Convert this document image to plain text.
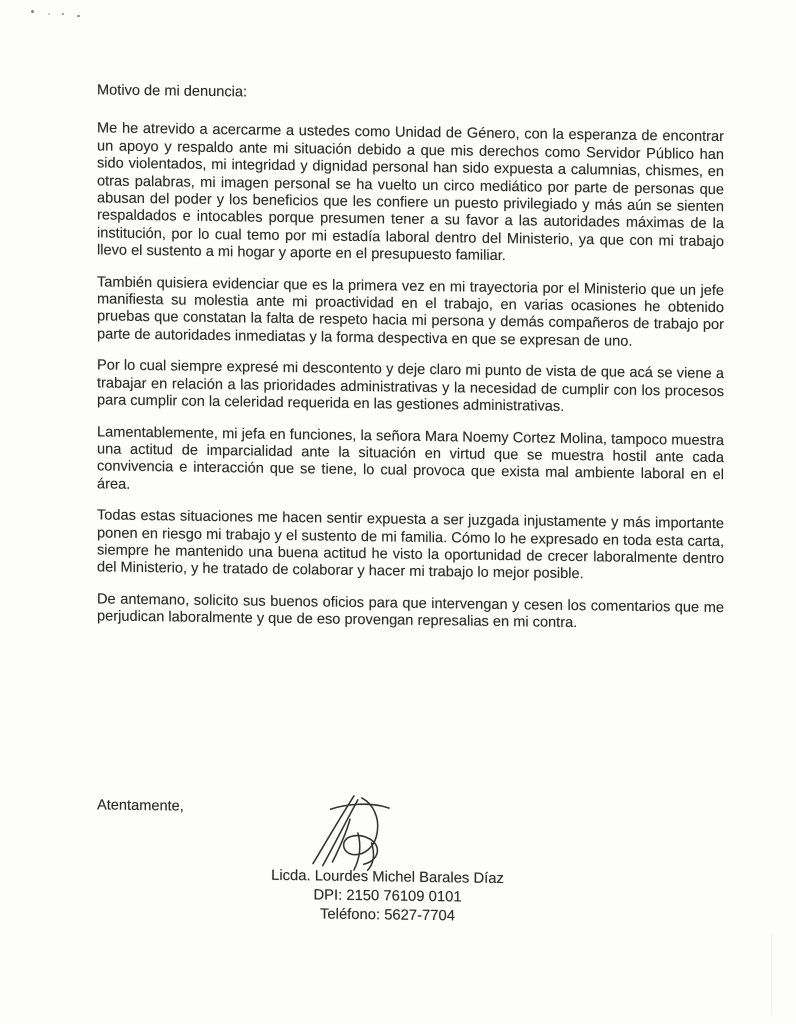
Motivo de mi denuncia:

Me he atrevido a acercarme a ustedes como Unidad de Género, con la esperanza de encontrar un apoyo y respaldo ante mi situación debido a que mis derechos como Servidor Público han sido violentados, mi integridad y dignidad personal han sido expuesta a calumnias, chismes, en otras palabras, mi imagen personal se ha vuelto un circo mediático por parte de personas que abusan del poder y los beneficios que les confiere un puesto privilegiado y más aún se sienten respaldados e intocables porque presumen tener a su favor a las autoridades máximas de la institución, por lo cual temo por mi estadía laboral dentro del Ministerio, ya que con mi trabajo llevo el sustento a mi hogar y aporte en el presupuesto familiar.

También quisiera evidenciar que es la primera vez en mi trayectoria por el Ministerio que un jefe manifiesta su molestia ante mi proactividad en el trabajo, en varias ocasiones he obtenido pruebas que constatan la falta de respeto hacia mi persona y demás compañeros de trabajo por parte de autoridades inmediatas y la forma despectiva en que se expresan de uno.

Por lo cual siempre expresé mi descontento y deje claro mi punto de vista de que acá se viene a trabajar en relación a las prioridades administrativas y la necesidad de cumplir con los procesos para cumplir con la celeridad requerida en las gestiones administrativas.

Lamentablemente, mi jefa en funciones, la señora Mara Noemy Cortez Molina, tampoco muestra una actitud de imparcialidad ante la situación en virtud que se muestra hostil ante cada convivencia e interacción que se tiene, lo cual provoca que exista mal ambiente laboral en el área.

Todas estas situaciones me hacen sentir expuesta a ser juzgada injustamente y más importante ponen en riesgo mi trabajo y el sustento de mi familia. Cómo lo he expresado en toda esta carta, siempre he mantenido una buena actitud he visto la oportunidad de crecer laboralmente dentro del Ministerio, y he tratado de colaborar y hacer mi trabajo lo mejor posible.

De antemano, solicito sus buenos oficios para que intervengan y cesen los comentarios que me perjudican laboralmente y que de eso provengan represalias en mi contra.

Atentamente,
Licda. Lourdes Michel Barales Díaz
DPI: 2150 76109 0101
Teléfono: 5627-7704
